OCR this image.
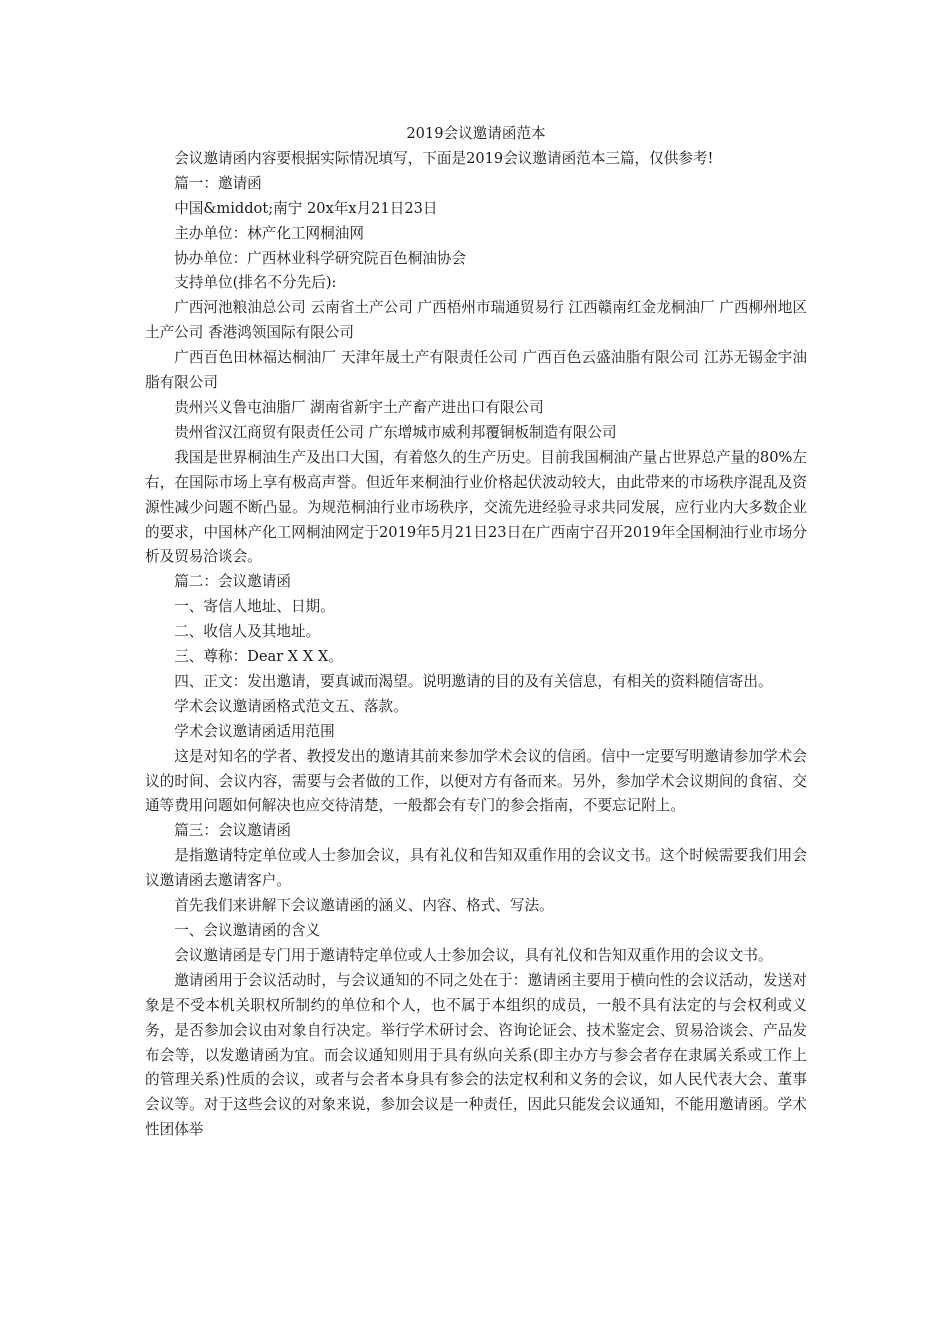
2019会议邀请函范本

会议邀请函内容要根据实际情况填写，下面是2019会议邀请函范本三篇，仅供参考!

篇一：邀请函

中国&middot;南宁 20x年x月21日23日

主办单位：林产化工网桐油网

协办单位：广西林业科学研究院百色桐油协会

支持单位(排名不分先后):

广西河池粮油总公司 云南省土产公司 广西梧州市瑞通贸易行 江西赣南红金龙桐油厂 广西柳州地区土产公司 香港鸿领国际有限公司

广西百色田林福达桐油厂 天津年晟土产有限责任公司 广西百色云盛油脂有限公司 江苏无锡金宇油脂有限公司

贵州兴义鲁屯油脂厂 湖南省新宇土产畜产进出口有限公司

贵州省汉江商贸有限责任公司 广东增城市威利邦覆铜板制造有限公司

我国是世界桐油生产及出口大国，有着悠久的生产历史。目前我国桐油产量占世界总产量的80%左右，在国际市场上享有极高声誉。但近年来桐油行业价格起伏波动较大，由此带来的市场秩序混乱及资源性减少问题不断凸显。为规范桐油行业市场秩序，交流先进经验寻求共同发展，应行业内大多数企业的要求，中国林产化工网桐油网定于2019年5月21日23日在广西南宁召开2019年全国桐油行业市场分析及贸易洽谈会。

篇二：会议邀请函

一、寄信人地址、日期。

二、收信人及其地址。

三、尊称：Dear X X X。

四、正文：发出邀请，要真诚而渴望。说明邀请的目的及有关信息，有相关的资料随信寄出。

学术会议邀请函格式范文五、落款。

学术会议邀请函适用范围

这是对知名的学者、教授发出的邀请其前来参加学术会议的信函。信中一定要写明邀请参加学术会议的时间、会议内容，需要与会者做的工作，以便对方有备而来。另外，参加学术会议期间的食宿、交通等费用问题如何解决也应交待清楚，一般都会有专门的参会指南，不要忘记附上。

篇三：会议邀请函

是指邀请特定单位或人士参加会议，具有礼仪和告知双重作用的会议文书。这个时候需要我们用会议邀请函去邀请客户。

首先我们来讲解下会议邀请函的涵义、内容、格式、写法。

一、会议邀请函的含义

会议邀请函是专门用于邀请特定单位或人士参加会议，具有礼仪和告知双重作用的会议文书。

邀请函用于会议活动时，与会议通知的不同之处在于：邀请函主要用于横向性的会议活动，发送对象是不受本机关职权所制约的单位和个人，也不属于本组织的成员，一般不具有法定的与会权利或义务，是否参加会议由对象自行决定。举行学术研讨会、咨询论证会、技术鉴定会、贸易洽谈会、产品发布会等，以发邀请函为宜。而会议通知则用于具有纵向关系(即主办方与参会者存在隶属关系或工作上的管理关系)性质的会议，或者与会者本身具有参会的法定权利和义务的会议，如人民代表大会、董事会议等。对于这些会议的对象来说，参加会议是一种责任，因此只能发会议通知，不能用邀请函。学术性团体举
